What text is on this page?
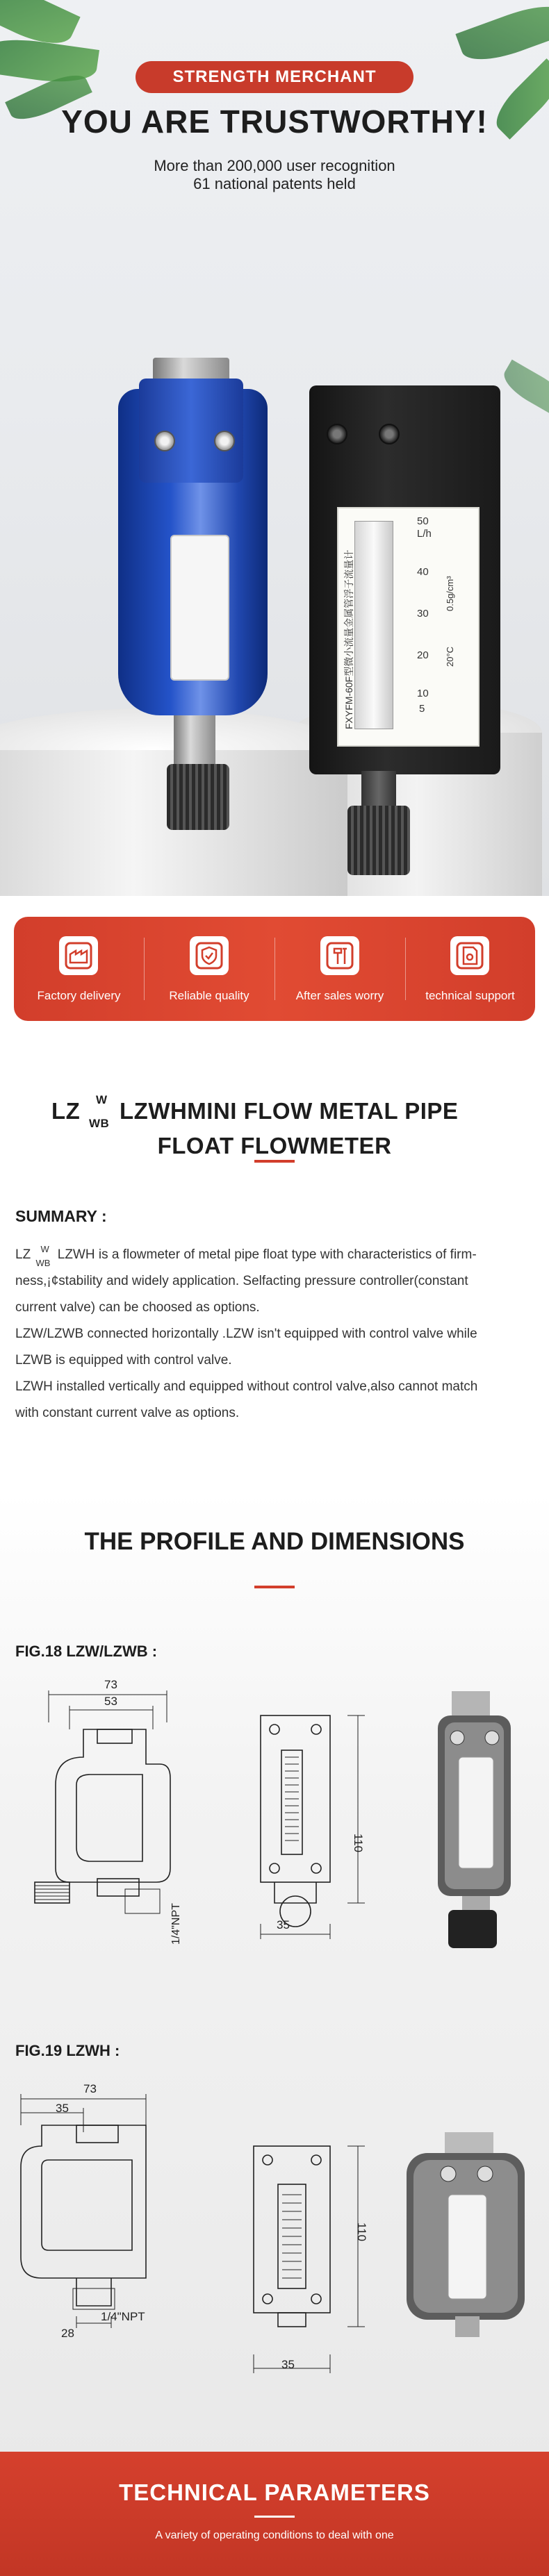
STRENGTH MERCHANT
YOU ARE TRUSTWORTHY!
More than 200,000 user recognition
61 national patents held
L/h
50
40
30
20
10
5
FXYFM-60F型微小流量金属管浮子流量计	0.5g/cm³
20°C
Factory delivery	Reliable quality	After sales worry	technical support
LZ W
WB LZWHMINI FLOW METAL PIPE
FLOAT FLOWMETER
SUMMARY :

LZ W
WB
LZWH is a flowmeter of metal pipe float type with characteristics of firm-

ness,¡¢stability and widely application. Selfacting pressure controller(constant

current valve) can be choosed as options.

LZW/LZWB connected horizontally .LZW isn't equipped with control valve while

LZWB is equipped with control valve.

LZWH installed vertically and equipped without control valve,also cannot match

with constant current valve as options.

THE PROFILE AND DIMENSIONS
FIG.18 LZW/LZWB :
73
53
1/4"NPT
110
35
FIG.19 LZWH :
73
35
1/4"NPT
28
110
35
TECHNICAL PARAMETERS
A variety of operating conditions to deal with one
